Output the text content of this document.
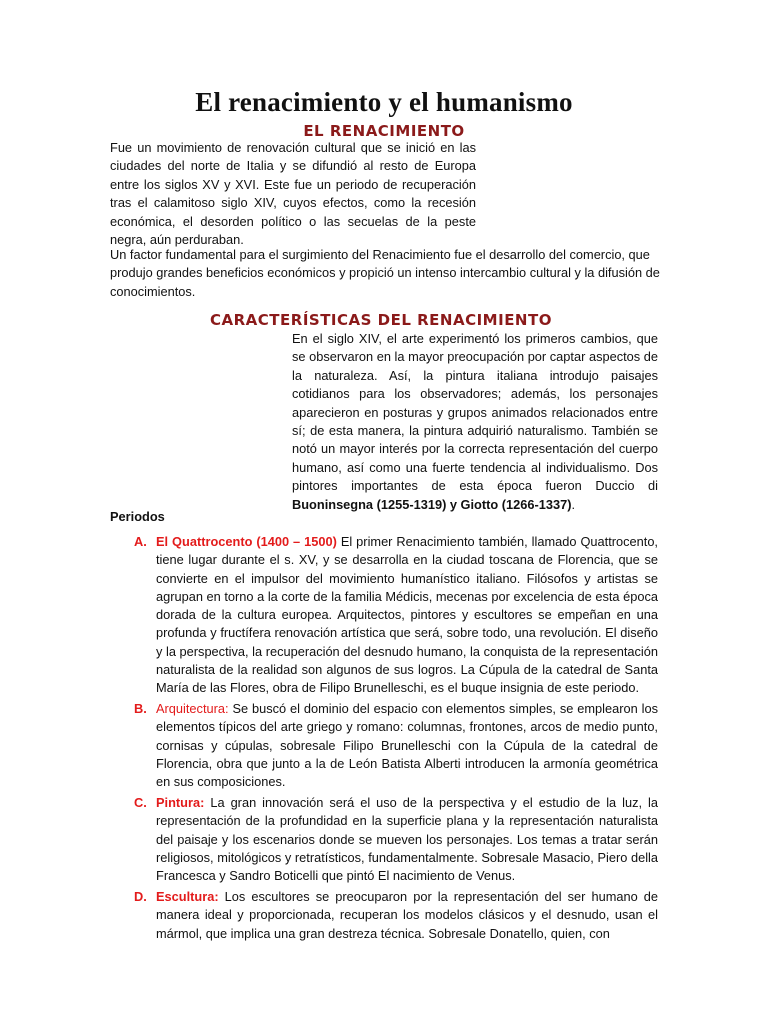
El renacimiento y el humanismo
EL RENACIMIENTO

Fue un movimiento de renovación cultural que se inició en las ciudades del norte de Italia y se difundió al resto de Europa entre los siglos XV y XVI. Este fue un periodo de recuperación tras el calamitoso siglo XIV, cuyos efectos, como la recesión económica, el desorden político o las secuelas de la peste negra, aún perduraban.

Un factor fundamental para el surgimiento del Renacimiento fue el desarrollo del comercio, que produjo grandes beneficios económicos y propició un intenso intercambio cultural y la difusión de conocimientos.

CARACTERÍSTICAS DEL RENACIMIENTO

En el siglo XIV, el arte experimentó los primeros cambios, que se observaron en la mayor preocupación por captar aspectos de la naturaleza. Así, la pintura italiana introdujo paisajes cotidianos para los observadores; además, los personajes aparecieron en posturas y grupos animados relacionados entre sí; de esta manera, la pintura adquirió naturalismo. También se notó un mayor interés por la correcta representación del cuerpo humano, así como una fuerte tendencia al individualismo. Dos pintores importantes de esta época fueron Duccio di Buoninsegna (1255-1319) y Giotto (1266-1337).

Periodos
A. El Quattrocento (1400 – 1500) El primer Renacimiento también, llamado Quattrocento, tiene lugar durante el s. XV, y se desarrolla en la ciudad toscana de Florencia, que se convierte en el impulsor del movimiento humanístico italiano. Filósofos y artistas se agrupan en torno a la corte de la familia Médicis, mecenas por excelencia de esta época dorada de la cultura europea. Arquitectos, pintores y escultores se empeñan en una profunda y fructífera renovación artística que será, sobre todo, una revolución. El diseño y la perspectiva, la recuperación del desnudo humano, la conquista de la representación naturalista de la realidad son algunos de sus logros. La Cúpula de la catedral de Santa María de las Flores, obra de Filipo Brunelleschi, es el buque insignia de este periodo.
B. Arquitectura: Se buscó el dominio del espacio con elementos simples, se emplearon los elementos típicos del arte griego y romano: columnas, frontones, arcos de medio punto, cornisas y cúpulas, sobresale Filipo Brunelleschi con la Cúpula de la catedral de Florencia, obra que junto a la de León Batista Alberti introducen la armonía geométrica en sus composiciones.
C. Pintura: La gran innovación será el uso de la perspectiva y el estudio de la luz, la representación de la profundidad en la superficie plana y la representación naturalista del paisaje y los escenarios donde se mueven los personajes. Los temas a tratar serán religiosos, mitológicos y retratísticos, fundamentalmente. Sobresale Masacio, Piero della Francesca y Sandro Boticelli que pintó El nacimiento de Venus.
D. Escultura: Los escultores se preocuparon por la representación del ser humano de manera ideal y proporcionada, recuperan los modelos clásicos y el desnudo, usan el mármol, que implica una gran destreza técnica. Sobresale Donatello, quien, con
